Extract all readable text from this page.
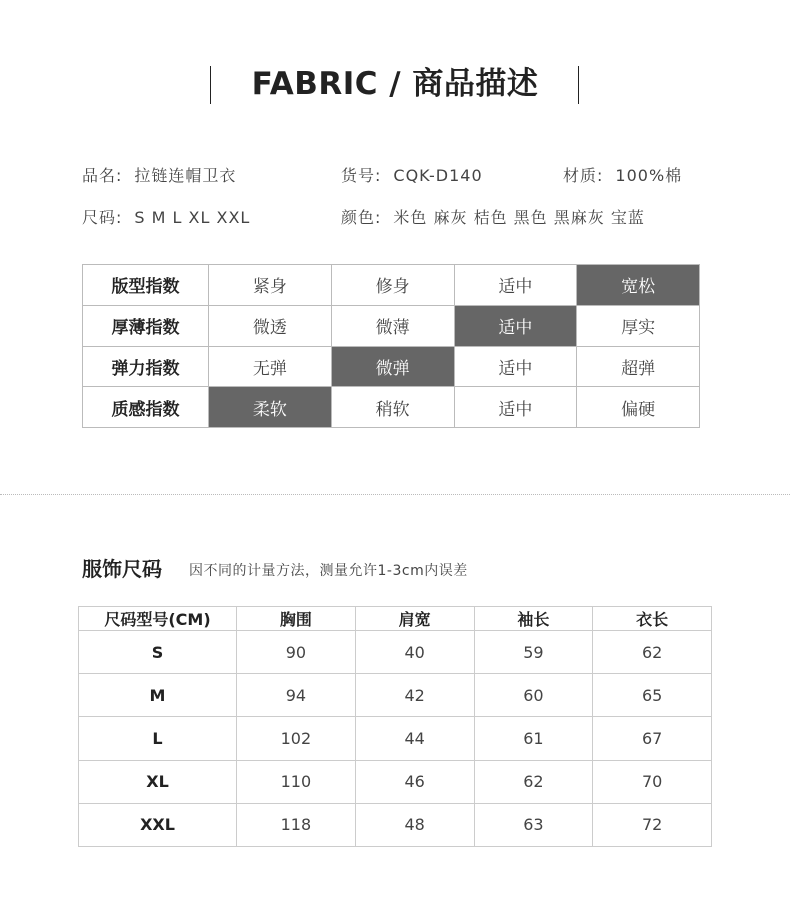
FABRIC / 商品描述
品名: 拉链连帽卫衣	货号: CQK-D140	材质: 100%棉
尺码: S M L XL XXL	颜色: 米色 麻灰 桔色 黑色 黑麻灰 宝蓝
版型指数	紧身	修身	适中	宽松
厚薄指数	微透	微薄	适中	厚实
弹力指数	无弹	微弹	适中	超弹
质感指数	柔软	稍软	适中	偏硬
服饰尺码 因不同的计量方法，测量允许1-3cm内误差
尺码型号(CM)	胸围	肩宽	袖长	衣长
S	90	40	59	62
M	94	42	60	65
L	102	44	61	67
XL	110	46	62	70
XXL	118	48	63	72
